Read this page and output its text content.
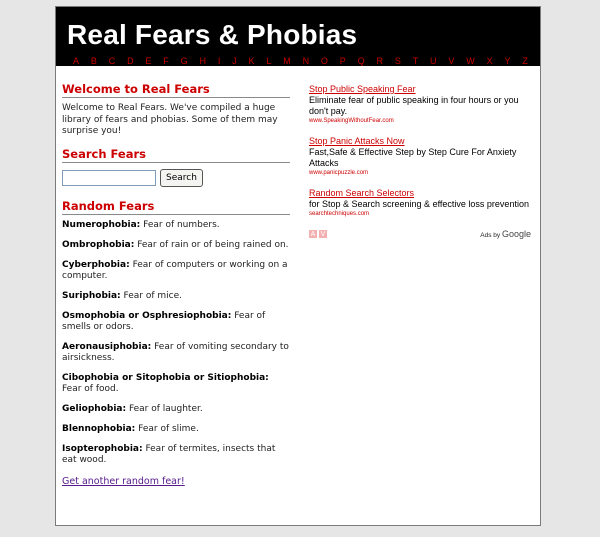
Real Fears & Phobias
A B C D E F G H I J K L M N O P Q R S T U V W X Y Z
Welcome to Real Fears

Welcome to Real Fears. We've compiled a huge library of fears and phobias. Some of them may surprise you!

Search Fears
Search
Random Fears

Numerophobia: Fear of numbers.

Ombrophobia: Fear of rain or of being rained on.

Cyberphobia: Fear of computers or working on a computer.

Suriphobia: Fear of mice.

Osmophobia or Osphresiophobia: Fear of smells or odors.

Aeronausiphobia: Fear of vomiting secondary to airsickness.

Cibophobia or Sitophobia or Sitiophobia: Fear of food.

Geliophobia: Fear of laughter.

Blennophobia: Fear of slime.

Isopterophobia: Fear of termites, insects that eat wood.

Get another random fear!
Stop Public Speaking Fear
Eliminate fear of public speaking in four hours or you don't pay.
www.SpeakingWithoutFear.com
Stop Panic Attacks Now
Fast,Safe & Effective Step by Step Cure For Anxiety Attacks
www.panicpuzzle.com
Random Search Selectors
for Stop & Search screening & effective loss prevention
searchtechniques.com
A V	Ads by Google
